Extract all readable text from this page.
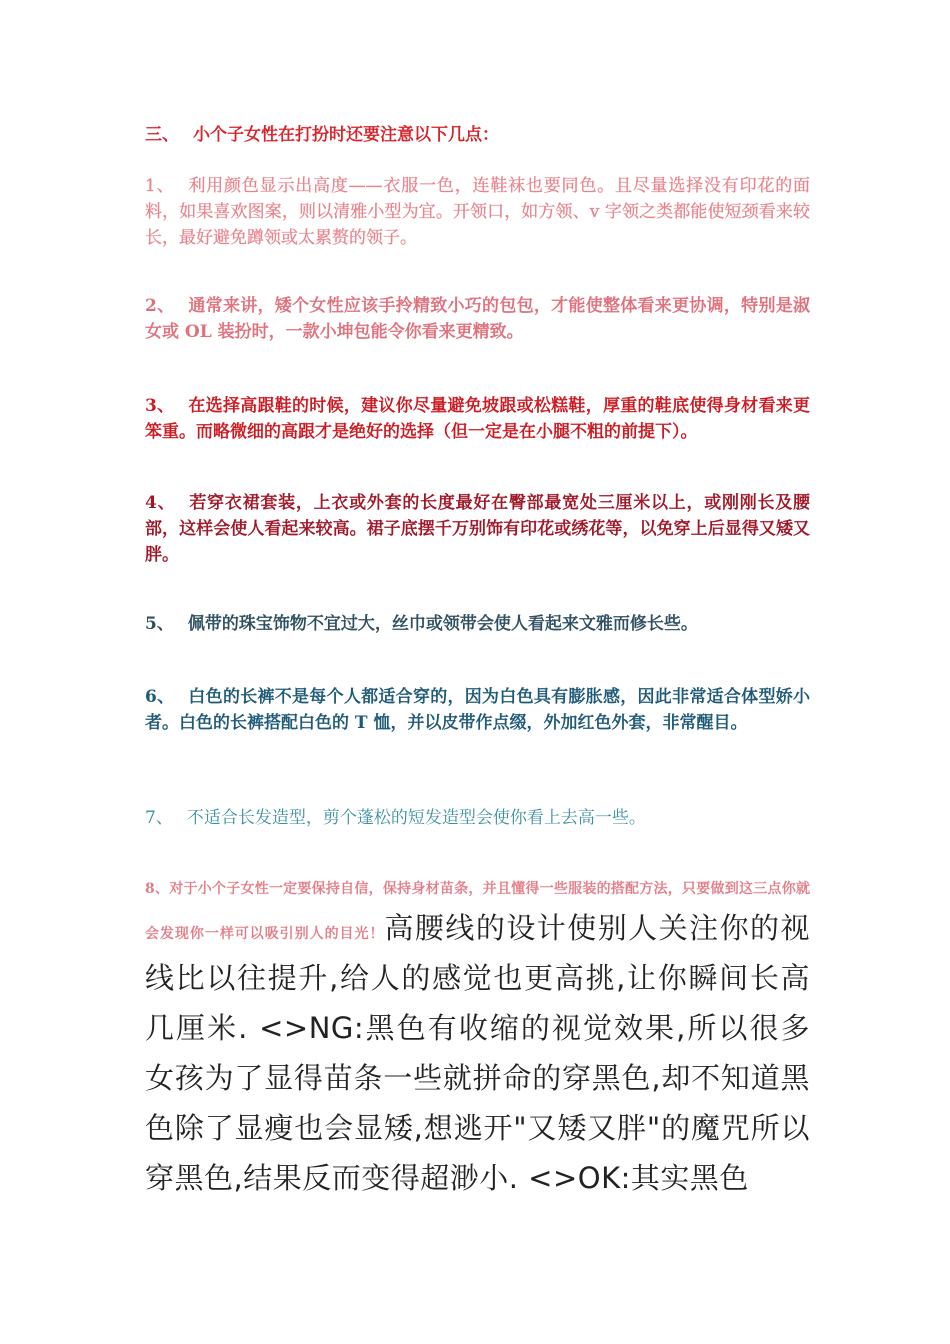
三、 小个子女性在打扮时还要注意以下几点：

1、 利用颜色显示出高度——衣服一色，连鞋袜也要同色。且尽量选择没有印花的面料，如果喜欢图案，则以清雅小型为宜。开领口，如方领、v 字领之类都能使短颈看来较长，最好避免蹲领或太累赘的领子。

2、 通常来讲，矮个女性应该手拎精致小巧的包包，才能使整体看来更协调，特别是淑女或 OL 装扮时，一款小坤包能令你看来更精致。

3、 在选择高跟鞋的时候，建议你尽量避免坡跟或松糕鞋，厚重的鞋底使得身材看来更笨重。而略微细的高跟才是绝好的选择（但一定是在小腿不粗的前提下）。

4、 若穿衣裙套装，上衣或外套的长度最好在臀部最宽处三厘米以上，或刚刚长及腰部，这样会使人看起来较高。裙子底摆千万别饰有印花或绣花等，以免穿上后显得又矮又胖。

5、 佩带的珠宝饰物不宜过大，丝巾或领带会使人看起来文雅而修长些。

6、 白色的长裤不是每个人都适合穿的，因为白色具有膨胀感，因此非常适合体型娇小者。白色的长裤搭配白色的 T 恤，并以皮带作点缀，外加红色外套，非常醒目。

7、 不适合长发造型，剪个蓬松的短发造型会使你看上去高一些。

8、对于小个子女性一定要保持自信，保持身材苗条，并且懂得一些服装的搭配方法，只要做到这三点你就会发现你一样可以吸引别人的目光！高腰线的设计使别人关注你的视线比以往提升,给人的感觉也更高挑,让你瞬间长高几厘米. <>NG:黑色有收缩的视觉效果,所以很多女孩为了显得苗条一些就拼命的穿黑色,却不知道黑色除了显瘦也会显矮,想逃开"又矮又胖"的魔咒所以穿黑色,结果反而变得超渺小. <>OK:其实黑色
